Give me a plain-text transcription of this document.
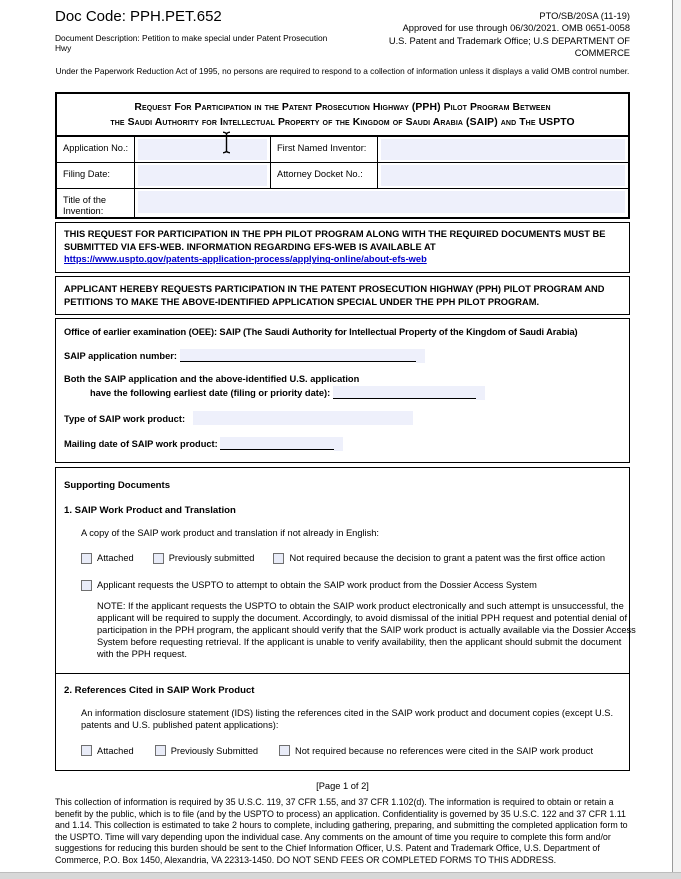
Doc Code: PPH.PET.652
Document Description: Petition to make special under Patent Prosecution Hwy
PTO/SB/20SA (11-19)
Approved for use through 06/30/2021. OMB 0651-0058
U.S. Patent and Trademark Office; U.S DEPARTMENT OF COMMERCE
Under the Paperwork Reduction Act of 1995, no persons are required to respond to a collection of information unless it displays a valid OMB control number.
Request For Participation in the Patent Prosecution Highway (PPH) Pilot Program Between
the Saudi Authority for Intellectual Property of the Kingdom of Saudi Arabia (SAIP) and The USPTO
Application No.:	First Named Inventor:
Filing Date:	Attorney Docket No.:
Title of the Invention:
THIS REQUEST FOR PARTICIPATION IN THE PPH PILOT PROGRAM ALONG WITH THE REQUIRED DOCUMENTS MUST BE SUBMITTED VIA EFS-WEB. INFORMATION REGARDING EFS-WEB IS AVAILABLE AT
https://www.uspto.gov/patents-application-process/applying-online/about-efs-web
APPLICANT HEREBY REQUESTS PARTICIPATION IN THE PATENT PROSECUTION HIGHWAY (PPH) PILOT PROGRAM AND PETITIONS TO MAKE THE ABOVE-IDENTIFIED APPLICATION SPECIAL UNDER THE PPH PILOT PROGRAM.
Office of earlier examination (OEE): SAIP (The Saudi Authority for Intellectual Property of the Kingdom of Saudi Arabia)
SAIP application number:
Both the SAIP application and the above-identified U.S. application
have the following earliest date (filing or priority date):
Type of SAIP work product:
Mailing date of SAIP work product:
Supporting Documents
1. SAIP Work Product and Translation
A copy of the SAIP work product and translation if not already in English:
Attached	Previously submitted	Not required because the decision to grant a patent was the first office action
Applicant requests the USPTO to attempt to obtain the SAIP work product from the Dossier Access System
NOTE: If the applicant requests the USPTO to obtain the SAIP work product electronically and such attempt is unsuccessful, the applicant will be required to supply the document. Accordingly, to avoid dismissal of the initial PPH request and potential denial of participation in the PPH program, the applicant should verify that the SAIP work product is actually available via the Dossier Access System before requesting retrieval. If the applicant is unable to verify availability, then the applicant should submit the document with the PPH request.
2. References Cited in SAIP Work Product
An information disclosure statement (IDS) listing the references cited in the SAIP work product and document copies (except U.S. patents and U.S. published patent applications):
Attached	Previously Submitted	Not required because no references were cited in the SAIP work product
[Page 1 of 2]
This collection of information is required by 35 U.S.C. 119, 37 CFR 1.55, and 37 CFR 1.102(d). The information is required to obtain or retain a benefit by the public, which is to file (and by the USPTO to process) an application. Confidentiality is governed by 35 U.S.C. 122 and 37 CFR 1.11 and 1.14. This collection is estimated to take 2 hours to complete, including gathering, preparing, and submitting the completed application form to the USPTO. Time will vary depending upon the individual case. Any comments on the amount of time you require to complete this form and/or suggestions for reducing this burden should be sent to the Chief Information Officer, U.S. Patent and Trademark Office, U.S. Department of Commerce, P.O. Box 1450, Alexandria, VA 22313-1450. DO NOT SEND FEES OR COMPLETED FORMS TO THIS ADDRESS.
